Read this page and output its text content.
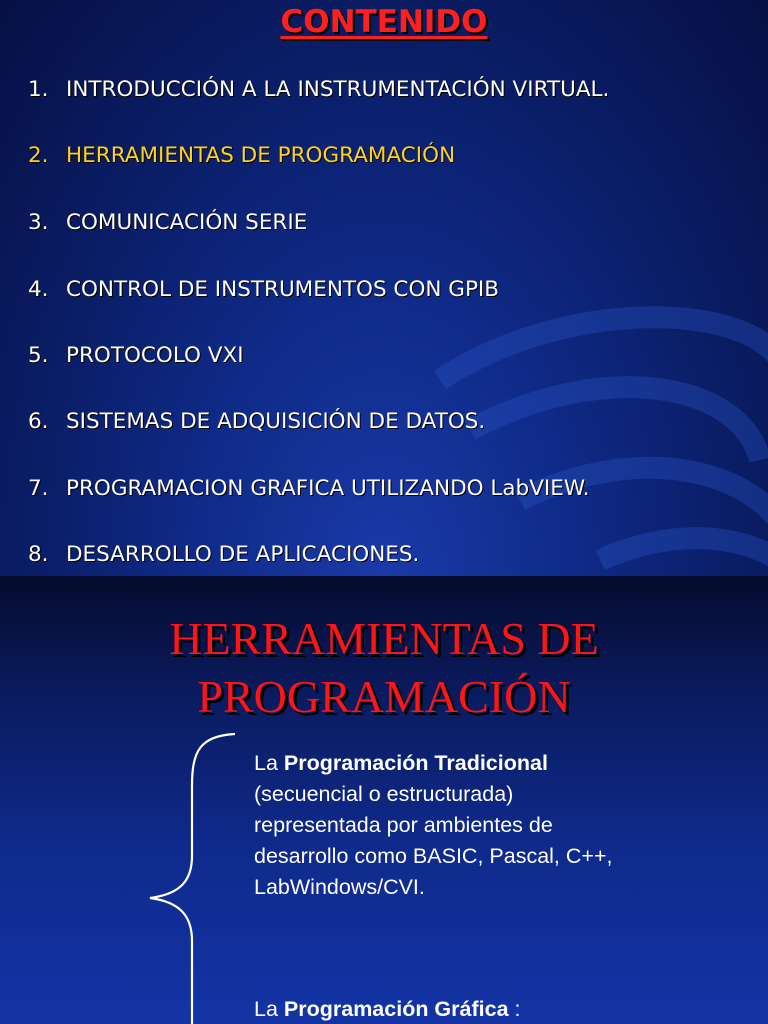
CONTENIDO
1. INTRODUCCIÓN A LA INSTRUMENTACIÓN VIRTUAL.
2. HERRAMIENTAS DE PROGRAMACIÓN
3. COMUNICACIÓN SERIE
4. CONTROL DE INSTRUMENTOS CON GPIB
5. PROTOCOLO VXI
6. SISTEMAS DE ADQUISICIÓN DE DATOS.
7. PROGRAMACION GRAFICA UTILIZANDO LabVIEW.
8. DESARROLLO DE APLICACIONES.
HERRAMIENTAS DE
PROGRAMACIÓN
La Programación Tradicional
(secuencial o estructurada)
representada por ambientes de
desarrollo como BASIC, Pascal, C++,
LabWindows/CVI.
La Programación Gráfica :
